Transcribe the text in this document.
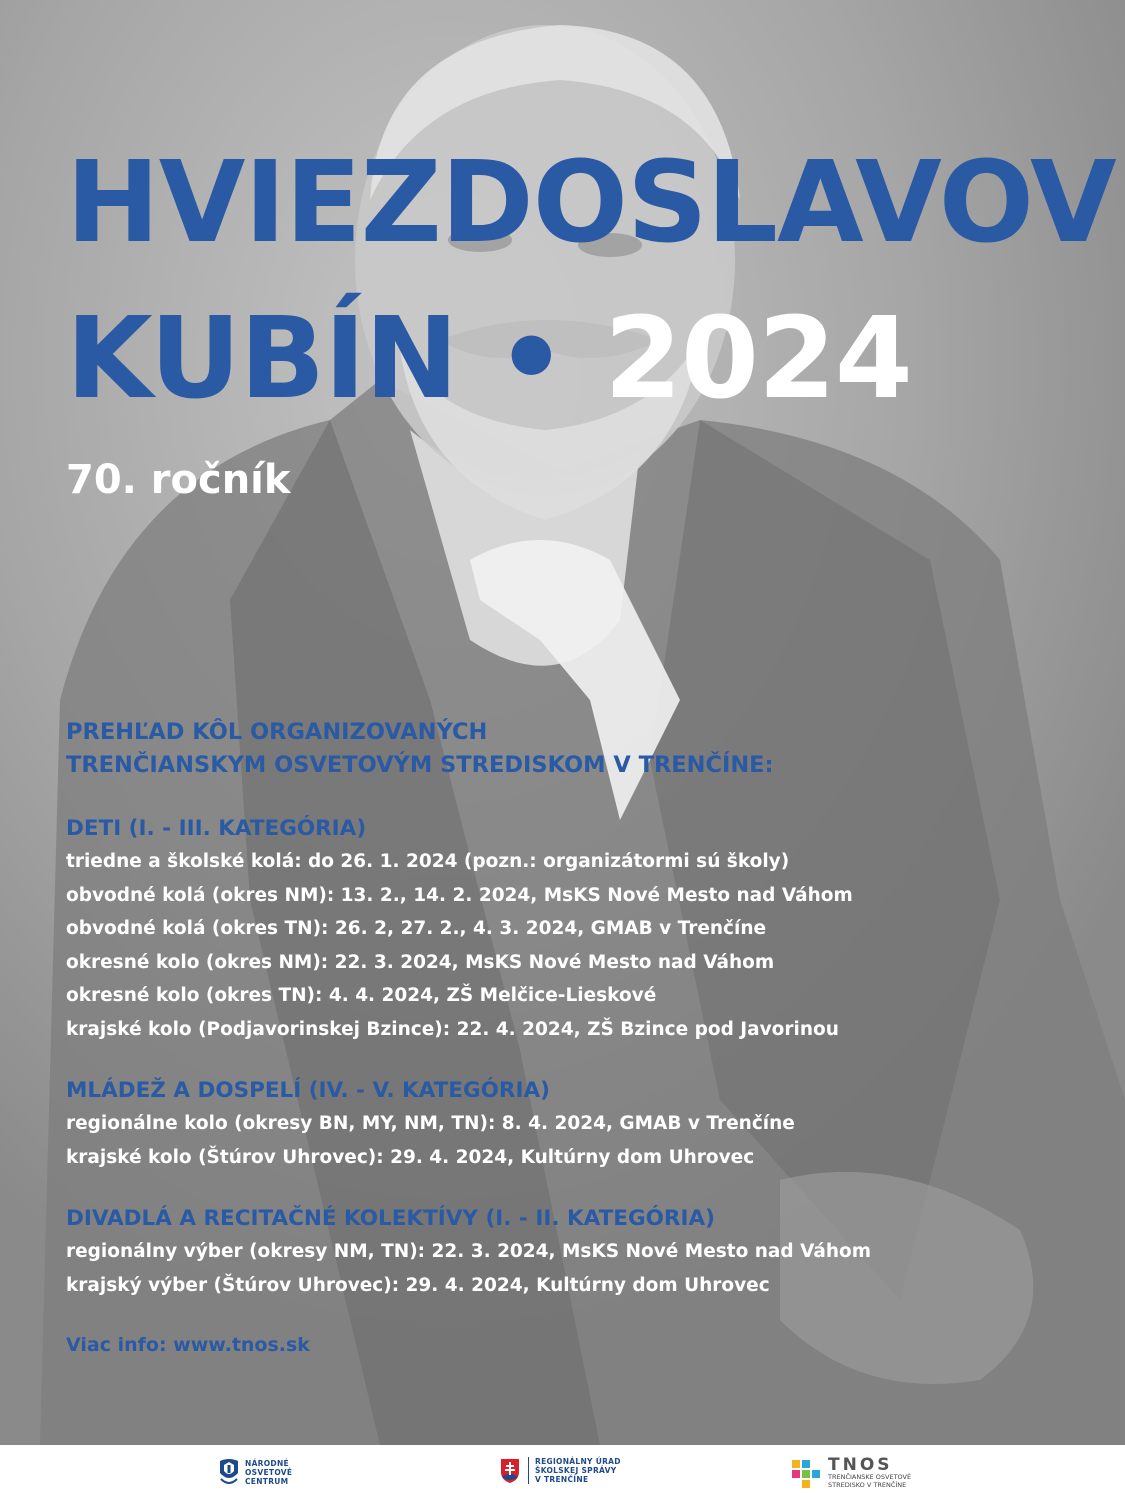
HVIEZDOSLAVOV
KUBÍN • 2024

70. ročník

PREHĽAD KÔL ORGANIZOVANÝCH

TRENČIANSKYM OSVETOVÝM STREDISKOM V TRENČÍNE:

DETI (I. - III. KATEGÓRIA)

triedne a školské kolá: do 26. 1. 2024 (pozn.: organizátormi sú školy)

obvodné kolá (okres NM): 13. 2., 14. 2. 2024, MsKS Nové Mesto nad Váhom

obvodné kolá (okres TN): 26. 2, 27. 2., 4. 3. 2024, GMAB v Trenčíne

okresné kolo (okres NM): 22. 3. 2024, MsKS Nové Mesto nad Váhom

okresné kolo (okres TN): 4. 4. 2024, ZŠ Melčice-Lieskové

krajské kolo (Podjavorinskej Bzince): 22. 4. 2024, ZŠ Bzince pod Javorinou

MLÁDEŽ A DOSPELÍ (IV. - V. KATEGÓRIA)

regionálne kolo (okresy BN, MY, NM, TN): 8. 4. 2024, GMAB v Trenčíne

krajské kolo (Štúrov Uhrovec): 29. 4. 2024, Kultúrny dom Uhrovec

DIVADLÁ A RECITAČNÉ KOLEKTÍVY (I. - II. KATEGÓRIA)

regionálny výber (okresy NM, TN): 22. 3. 2024, MsKS Nové Mesto nad Váhom

krajský výber (Štúrov Uhrovec): 29. 4. 2024, Kultúrny dom Uhrovec

Viac info: www.tnos.sk

NÁRODNÉ
OSVETOVÉ
CENTRUM
REGIONÁLNY ÚRAD
ŠKOLSKEJ SPRÁVY
V TRENČÍNE
TNOS
TRENČIANSKE OSVETOVÉ
STREDISKO V TRENČÍNE
